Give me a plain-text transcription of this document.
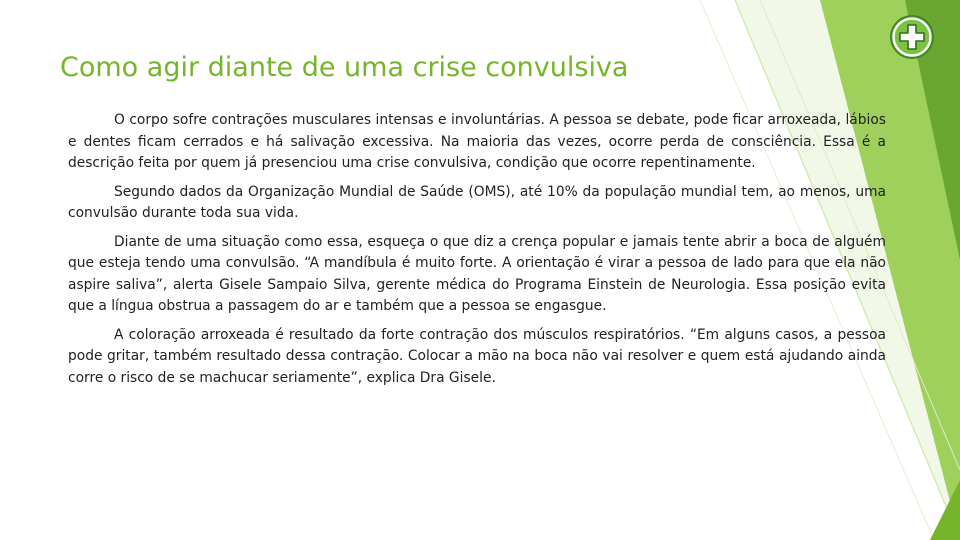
Como agir diante de uma crise convulsiva

O corpo sofre contrações musculares intensas e involuntárias. A pessoa se debate, pode ficar arroxeada, lábios e dentes ficam cerrados e há salivação excessiva. Na maioria das vezes, ocorre perda de consciência. Essa é a descrição feita por quem já presenciou uma crise convulsiva, condição que ocorre repentinamente.

Segundo dados da Organização Mundial de Saúde (OMS), até 10% da população mundial tem, ao menos, uma convulsão durante toda sua vida.

Diante de uma situação como essa, esqueça o que diz a crença popular e jamais tente abrir a boca de alguém que esteja tendo uma convulsão. “A mandíbula é muito forte. A orientação é virar a pessoa de lado para que ela não aspire saliva”, alerta Gisele Sampaio Silva, gerente médica do Programa Einstein de Neurologia. Essa posição evita que a língua obstrua a passagem do ar e também que a pessoa se engasgue.

A coloração arroxeada é resultado da forte contração dos músculos respiratórios. “Em alguns casos, a pessoa pode gritar, também resultado dessa contração. Colocar a mão na boca não vai resolver e quem está ajudando ainda corre o risco de se machucar seriamente”, explica Dra Gisele.
